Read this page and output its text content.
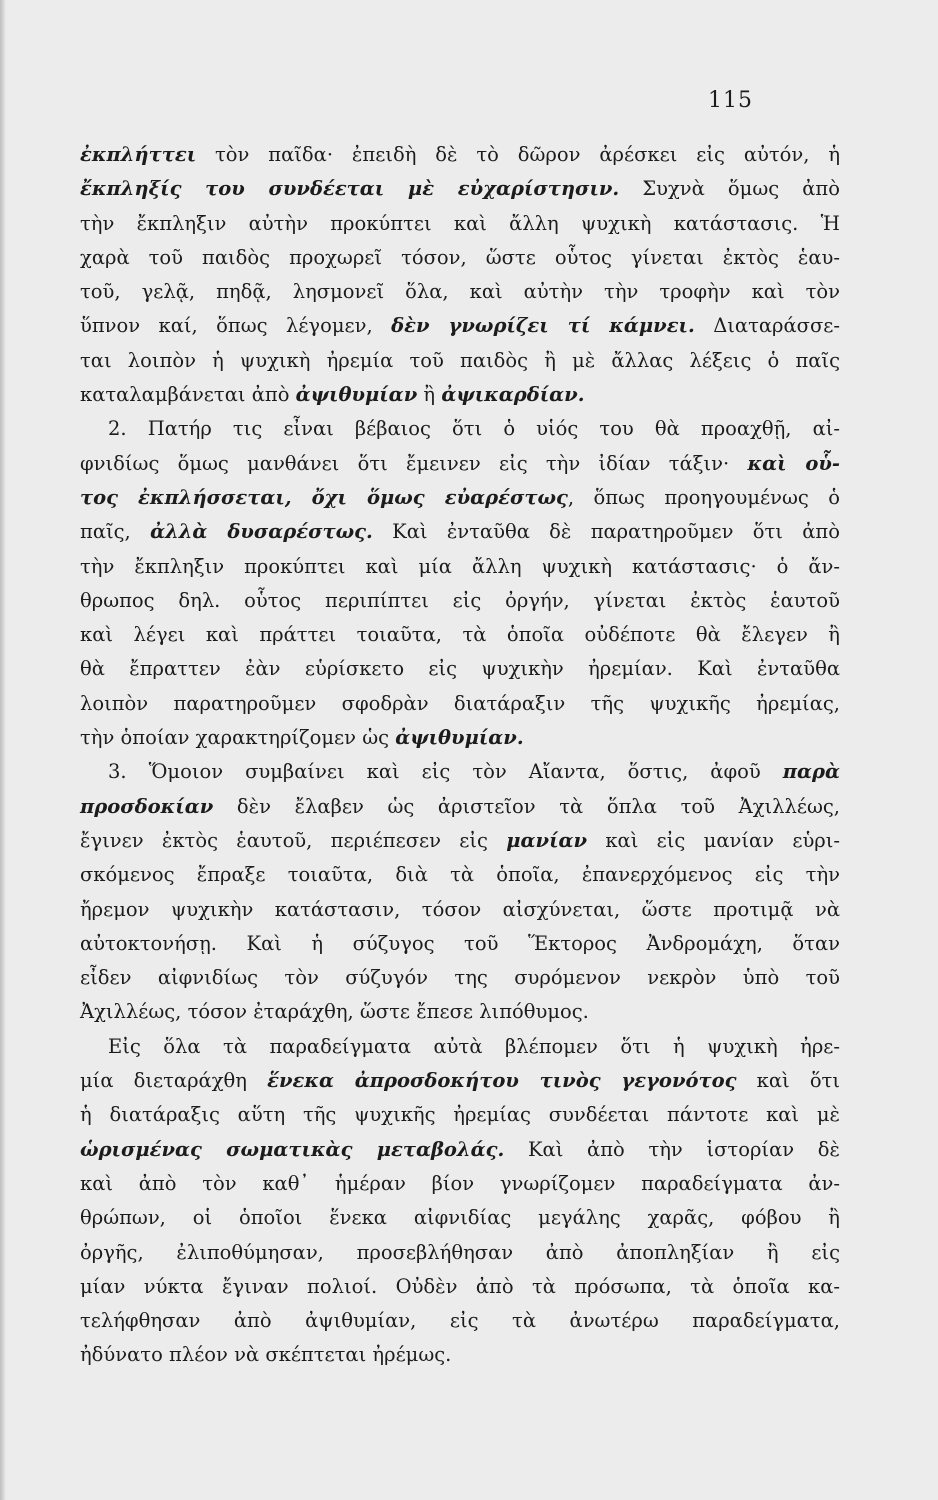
115
ἐκπλήττει τὸν παῖδα· ἐπειδὴ δὲ τὸ δῶρον ἀρέσκει εἰς αὐτόν, ἡ
ἔκπληξίς του συνδέεται μὲ εὐχαρίστησιν. Συχνὰ ὅμως ἀπὸ
τὴν ἔκπληξιν αὐτὴν προκύπτει καὶ ἄλλη ψυχικὴ κατάστασις. Ἡ
χαρὰ τοῦ παιδὸς προχωρεῖ τόσον, ὥστε οὗτος γίνεται ἐκτὸς ἑαυ-
τοῦ, γελᾷ, πηδᾷ, λησμονεῖ ὅλα, καὶ αὐτὴν τὴν τροφὴν καὶ τὸν
ὕπνον καί, ὅπως λέγομεν, δὲν γνωρίζει τί κάμνει. Διαταράσσε-
ται λοιπὸν ἡ ψυχικὴ ἠρεμία τοῦ παιδὸς ἢ μὲ ἄλλας λέξεις ὁ παῖς
καταλαμβάνεται ἀπὸ ἀψιθυμίαν ἢ ἀψικαρδίαν.
2. Πατήρ τις εἶναι βέβαιος ὅτι ὁ υἱός του θὰ προαχθῇ, αἰ-
φνιδίως ὅμως μανθάνει ὅτι ἔμεινεν εἰς τὴν ἰδίαν τάξιν· καὶ οὗ-
τος ἐκπλήσσεται, ὄχι ὅμως εὐαρέστως, ὅπως προηγουμένως ὁ
παῖς, ἀλλὰ δυσαρέστως. Καὶ ἐνταῦθα δὲ παρατηροῦμεν ὅτι ἀπὸ
τὴν ἔκπληξιν προκύπτει καὶ μία ἄλλη ψυχικὴ κατάστασις· ὁ ἄν-
θρωπος δηλ. οὗτος περιπίπτει εἰς ὀργήν, γίνεται ἐκτὸς ἑαυτοῦ
καὶ λέγει καὶ πράττει τοιαῦτα, τὰ ὁποῖα οὐδέποτε θὰ ἔλεγεν ἢ
θὰ ἔπραττεν ἐὰν εὑρίσκετο εἰς ψυχικὴν ἠρεμίαν. Καὶ ἐνταῦθα
λοιπὸν παρατηροῦμεν σφοδρὰν διατάραξιν τῆς ψυχικῆς ἠρεμίας,
τὴν ὁποίαν χαρακτηρίζομεν ὡς ἀψιθυμίαν.
3. Ὅμοιον συμβαίνει καὶ εἰς τὸν Αἴαντα, ὅστις, ἀφοῦ παρὰ
προσδοκίαν δὲν ἔλαβεν ὡς ἀριστεῖον τὰ ὅπλα τοῦ Ἀχιλλέως,
ἔγινεν ἐκτὸς ἑαυτοῦ, περιέπεσεν εἰς μανίαν καὶ εἰς μανίαν εὑρι-
σκόμενος ἔπραξε τοιαῦτα, διὰ τὰ ὁποῖα, ἐπανερχόμενος εἰς τὴν
ἤρεμον ψυχικὴν κατάστασιν, τόσον αἰσχύνεται, ὥστε προτιμᾷ νὰ
αὐτοκτονήσῃ. Καὶ ἡ σύζυγος τοῦ Ἕκτορος Ἀνδρομάχη, ὅταν
εἶδεν αἰφνιδίως τὸν σύζυγόν της συρόμενον νεκρὸν ὑπὸ τοῦ
Ἀχιλλέως, τόσον ἐταράχθη, ὥστε ἔπεσε λιπόθυμος.
Εἰς ὅλα τὰ παραδείγματα αὐτὰ βλέπομεν ὅτι ἡ ψυχικὴ ἠρε-
μία διεταράχθη ἕνεκα ἀπροσδοκήτου τινὸς γεγονότος καὶ ὅτι
ἡ διατάραξις αὕτη τῆς ψυχικῆς ἠρεμίας συνδέεται πάντοτε καὶ μὲ
ὡρισμένας σωματικὰς μεταβολάς. Καὶ ἀπὸ τὴν ἱστορίαν δὲ
καὶ ἀπὸ τὸν καθ᾿ ἡμέραν βίον γνωρίζομεν παραδείγματα ἀν-
θρώπων, οἱ ὁποῖοι ἕνεκα αἰφνιδίας μεγάλης χαρᾶς, φόβου ἢ
ὀργῆς, ἐλιποθύμησαν, προσεβλήθησαν ἀπὸ ἀποπληξίαν ἢ εἰς
μίαν νύκτα ἔγιναν πολιοί. Οὐδὲν ἀπὸ τὰ πρόσωπα, τὰ ὁποῖα κα-
τελήφθησαν ἀπὸ ἀψιθυμίαν, εἰς τὰ ἀνωτέρω παραδείγματα,
ἠδύνατο πλέον νὰ σκέπτεται ἠρέμως.
